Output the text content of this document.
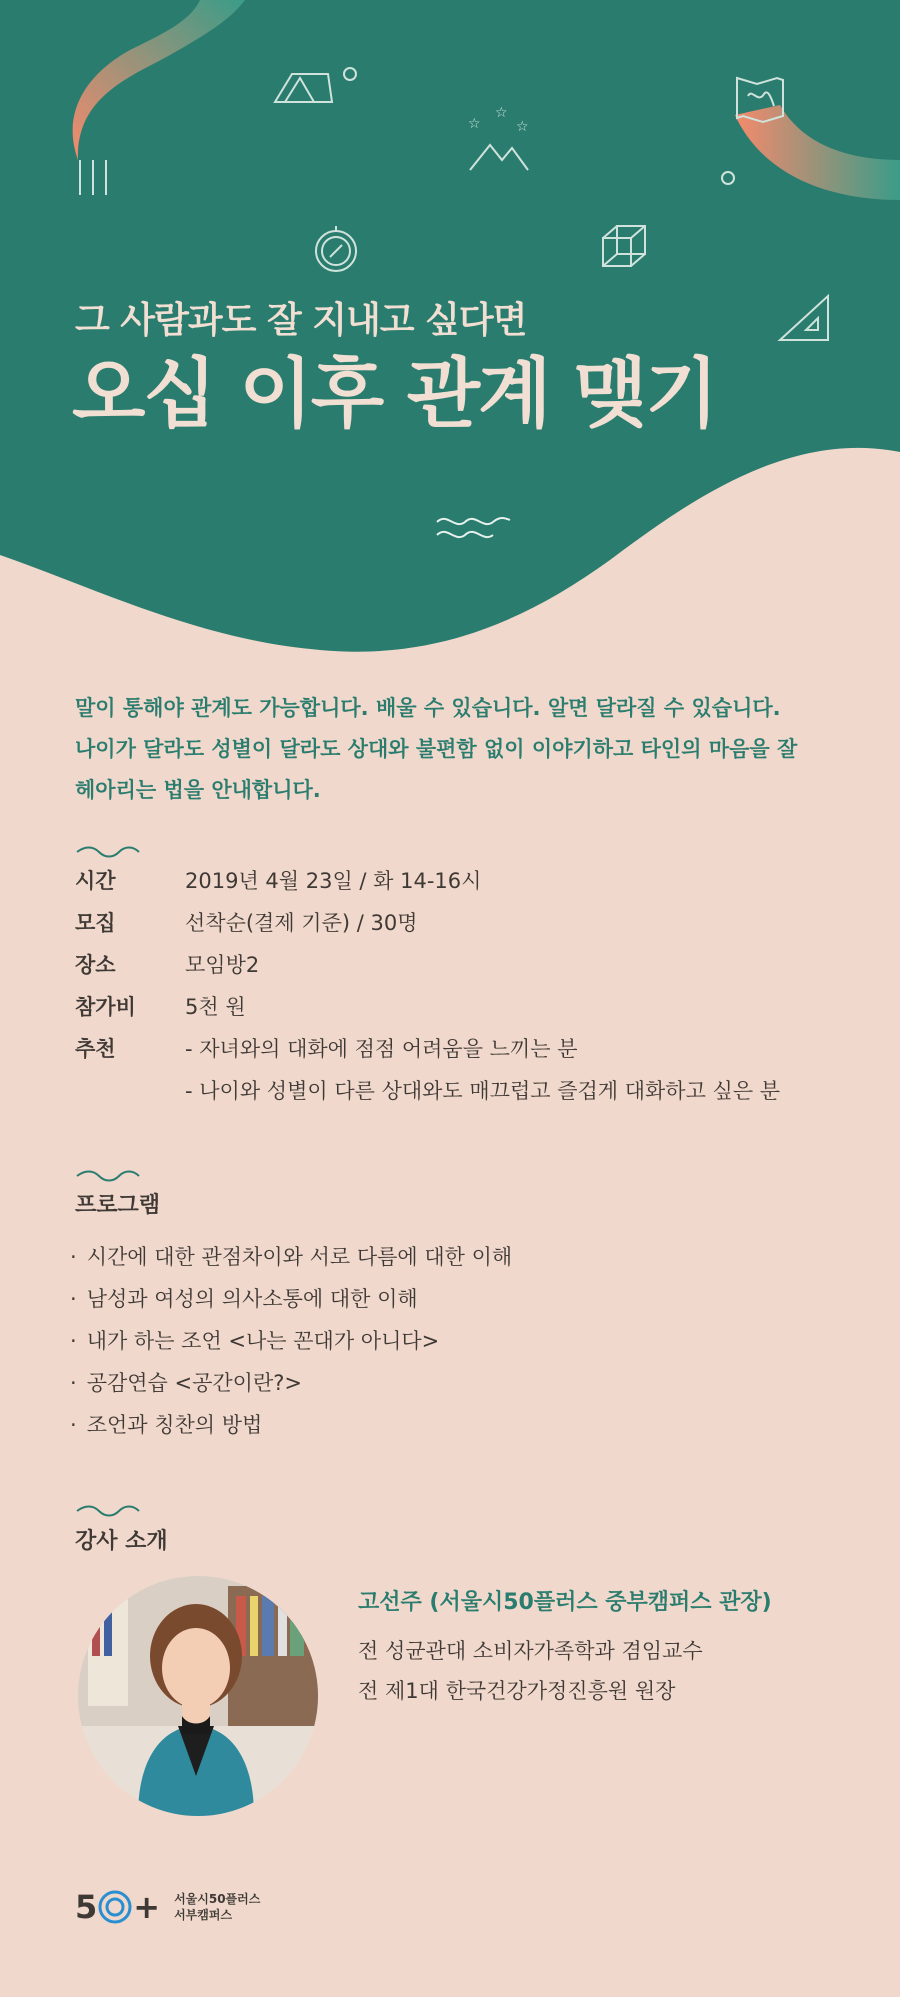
☆
☆
☆
그 사람과도 잘 지내고 싶다면
오십 이후 관계 맺기

말이 통해야 관계도 가능합니다. 배울 수 있습니다. 알면 달라질 수 있습니다.

나이가 달라도 성별이 달라도 상대와 불편함 없이 이야기하고 타인의 마음을 잘

헤아리는 법을 안내합니다.

시간	2019년 4월 23일 / 화 14-16시
모집	선착순(결제 기준) / 30명
장소	모임방2
참가비	5천 원
추천	- 자녀와의 대화에 점점 어려움을 느끼는 분
- 나이와 성별이 다른 상대와도 매끄럽고 즐겁게 대화하고 싶은 분
프로그램
· 시간에 대한 관점차이와 서로 다름에 대한 이해
· 남성과 여성의 의사소통에 대한 이해
· 내가 하는 조언 <나는 꼰대가 아니다>
· 공감연습 <공간이란?>
· 조언과 칭찬의 방법
강사 소개

고선주 (서울시50플러스 중부캠퍼스 관장)

전 성균관대 소비자가족학과 겸임교수
전 제1대 한국건강가정진흥원 원장
5 + 서울시50플러스
서부캠퍼스
